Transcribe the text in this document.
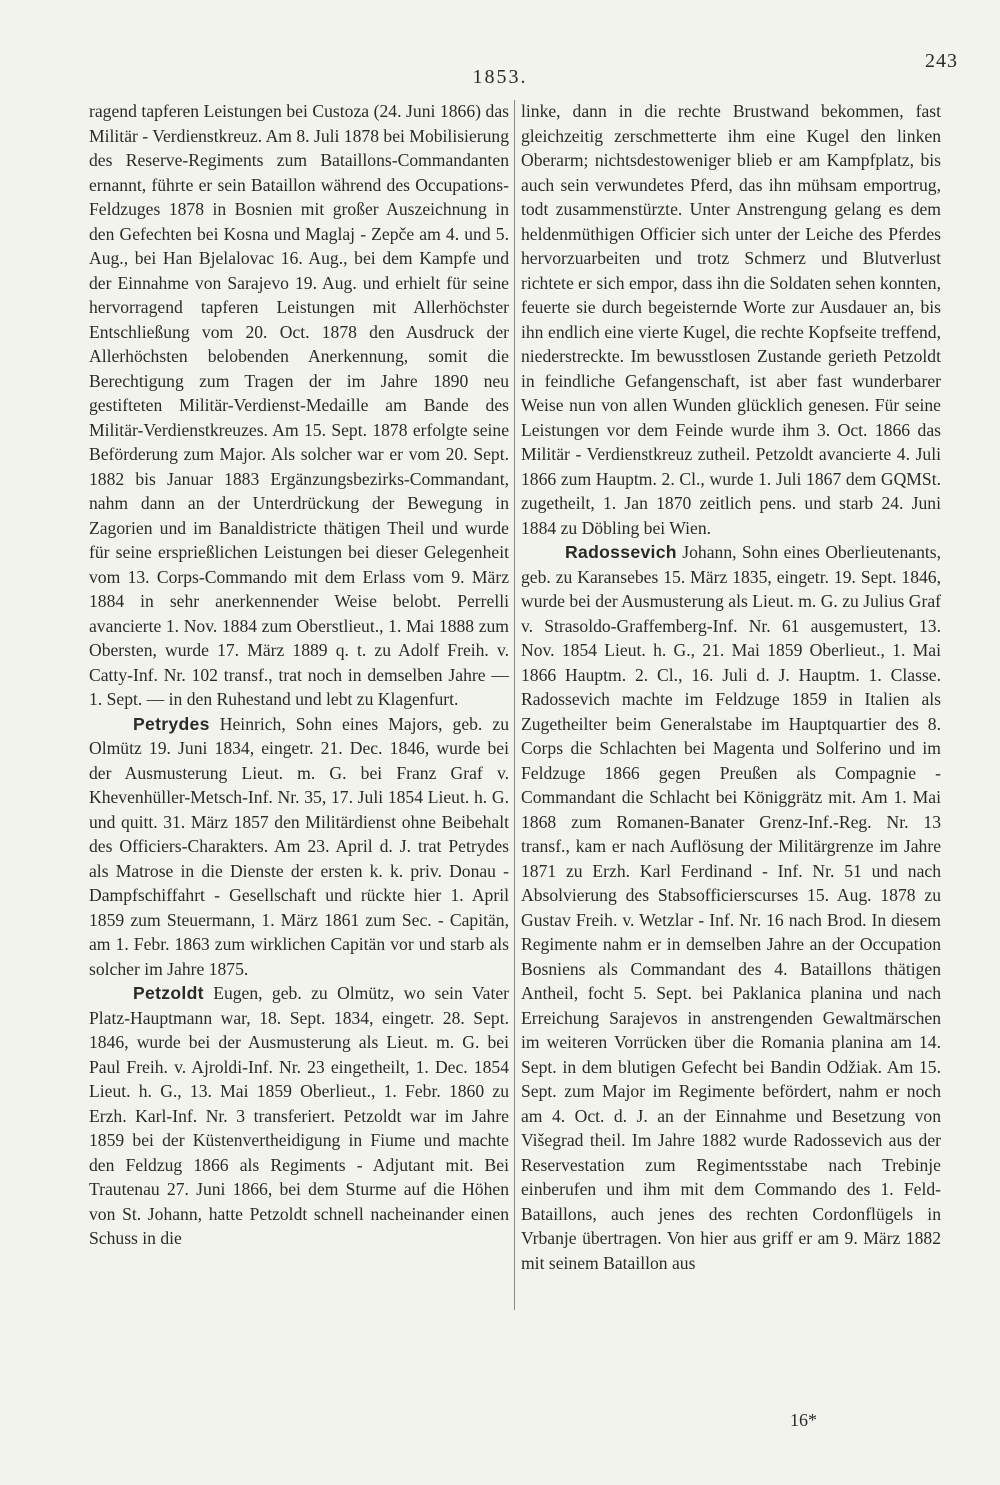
1853.
243

ragend tapferen Leistungen bei Custoza (24. Juni 1866) das Militär - Verdienstkreuz. Am 8. Juli 1878 bei Mobilisierung des Reserve-Regiments zum Bataillons-Commandanten ernannt, führte er sein Bataillon während des Occupations-Feldzuges 1878 in Bosnien mit großer Auszeichnung in den Gefechten bei Kosna und Maglaj - Zepče am 4. und 5. Aug., bei Han Bjelalovac 16. Aug., bei dem Kampfe und der Einnahme von Sarajevo 19. Aug. und erhielt für seine hervorragend tapferen Leistungen mit Allerhöchster Entschließung vom 20. Oct. 1878 den Ausdruck der Allerhöchsten belobenden Anerkennung, somit die Berechtigung zum Tragen der im Jahre 1890 neu gestifteten Militär-Verdienst-Medaille am Bande des Militär-Verdienstkreuzes. Am 15. Sept. 1878 erfolgte seine Beförderung zum Major. Als solcher war er vom 20. Sept. 1882 bis Januar 1883 Ergänzungsbezirks-Commandant, nahm dann an der Unterdrückung der Bewegung in Zagorien und im Banaldistricte thätigen Theil und wurde für seine ersprießlichen Leistungen bei dieser Gelegenheit vom 13. Corps-Commando mit dem Erlass vom 9. März 1884 in sehr anerkennender Weise belobt. Perrelli avancierte 1. Nov. 1884 zum Oberstlieut., 1. Mai 1888 zum Obersten, wurde 17. März 1889 q. t. zu Adolf Freih. v. Catty-Inf. Nr. 102 transf., trat noch in demselben Jahre — 1. Sept. — in den Ruhestand und lebt zu Klagenfurt.

Petrydes Heinrich, Sohn eines Majors, geb. zu Olmütz 19. Juni 1834, eingetr. 21. Dec. 1846, wurde bei der Ausmusterung Lieut. m. G. bei Franz Graf v. Khevenhüller-Metsch-Inf. Nr. 35, 17. Juli 1854 Lieut. h. G. und quitt. 31. März 1857 den Militärdienst ohne Beibehalt des Officiers-Charakters. Am 23. April d. J. trat Petrydes als Matrose in die Dienste der ersten k. k. priv. Donau - Dampfschiffahrt - Gesellschaft und rückte hier 1. April 1859 zum Steuermann, 1. März 1861 zum Sec. - Capitän, am 1. Febr. 1863 zum wirklichen Capitän vor und starb als solcher im Jahre 1875.

Petzoldt Eugen, geb. zu Olmütz, wo sein Vater Platz-Hauptmann war, 18. Sept. 1834, eingetr. 28. Sept. 1846, wurde bei der Ausmusterung als Lieut. m. G. bei Paul Freih. v. Ajroldi-Inf. Nr. 23 eingetheilt, 1. Dec. 1854 Lieut. h. G., 13. Mai 1859 Oberlieut., 1. Febr. 1860 zu Erzh. Karl-Inf. Nr. 3 transferiert. Petzoldt war im Jahre 1859 bei der Küstenvertheidigung in Fiume und machte den Feldzug 1866 als Regiments - Adjutant mit. Bei Trautenau 27. Juni 1866, bei dem Sturme auf die Höhen von St. Johann, hatte Petzoldt schnell nacheinander einen Schuss in die

linke, dann in die rechte Brustwand bekommen, fast gleichzeitig zerschmetterte ihm eine Kugel den linken Oberarm; nichtsdestoweniger blieb er am Kampfplatz, bis auch sein verwundetes Pferd, das ihn mühsam emportrug, todt zusammenstürzte. Unter Anstrengung gelang es dem heldenmüthigen Officier sich unter der Leiche des Pferdes hervorzuarbeiten und trotz Schmerz und Blutverlust richtete er sich empor, dass ihn die Soldaten sehen konnten, feuerte sie durch begeisternde Worte zur Ausdauer an, bis ihn endlich eine vierte Kugel, die rechte Kopfseite treffend, niederstreckte. Im bewusstlosen Zustande gerieth Petzoldt in feindliche Gefangenschaft, ist aber fast wunderbarer Weise nun von allen Wunden glücklich genesen. Für seine Leistungen vor dem Feinde wurde ihm 3. Oct. 1866 das Militär - Verdienstkreuz zutheil. Petzoldt avancierte 4. Juli 1866 zum Hauptm. 2. Cl., wurde 1. Juli 1867 dem GQMSt. zugetheilt, 1. Jan 1870 zeitlich pens. und starb 24. Juni 1884 zu Döbling bei Wien.

Radossevich Johann, Sohn eines Oberlieutenants, geb. zu Karansebes 15. März 1835, eingetr. 19. Sept. 1846, wurde bei der Ausmusterung als Lieut. m. G. zu Julius Graf v. Strasoldo-Graffemberg-Inf. Nr. 61 ausgemustert, 13. Nov. 1854 Lieut. h. G., 21. Mai 1859 Oberlieut., 1. Mai 1866 Hauptm. 2. Cl., 16. Juli d. J. Hauptm. 1. Classe. Radossevich machte im Feldzuge 1859 in Italien als Zugetheilter beim Generalstabe im Hauptquartier des 8. Corps die Schlachten bei Magenta und Solferino und im Feldzuge 1866 gegen Preußen als Compagnie - Commandant die Schlacht bei Königgrätz mit. Am 1. Mai 1868 zum Romanen-Banater Grenz-Inf.-Reg. Nr. 13 transf., kam er nach Auflösung der Militärgrenze im Jahre 1871 zu Erzh. Karl Ferdinand - Inf. Nr. 51 und nach Absolvierung des Stabsofficierscurses 15. Aug. 1878 zu Gustav Freih. v. Wetzlar - Inf. Nr. 16 nach Brod. In diesem Regimente nahm er in demselben Jahre an der Occupation Bosniens als Commandant des 4. Bataillons thätigen Antheil, focht 5. Sept. bei Paklanica planina und nach Erreichung Sarajevos in anstrengenden Gewaltmärschen im weiteren Vorrücken über die Romania planina am 14. Sept. in dem blutigen Gefecht bei Bandin Odžiak. Am 15. Sept. zum Major im Regimente befördert, nahm er noch am 4. Oct. d. J. an der Einnahme und Besetzung von Višegrad theil. Im Jahre 1882 wurde Radossevich aus der Reservestation zum Regimentsstabe nach Trebinje einberufen und ihm mit dem Commando des 1. Feld-Bataillons, auch jenes des rechten Cordonflügels in Vrbanje übertragen. Von hier aus griff er am 9. März 1882 mit seinem Bataillon aus

16*
